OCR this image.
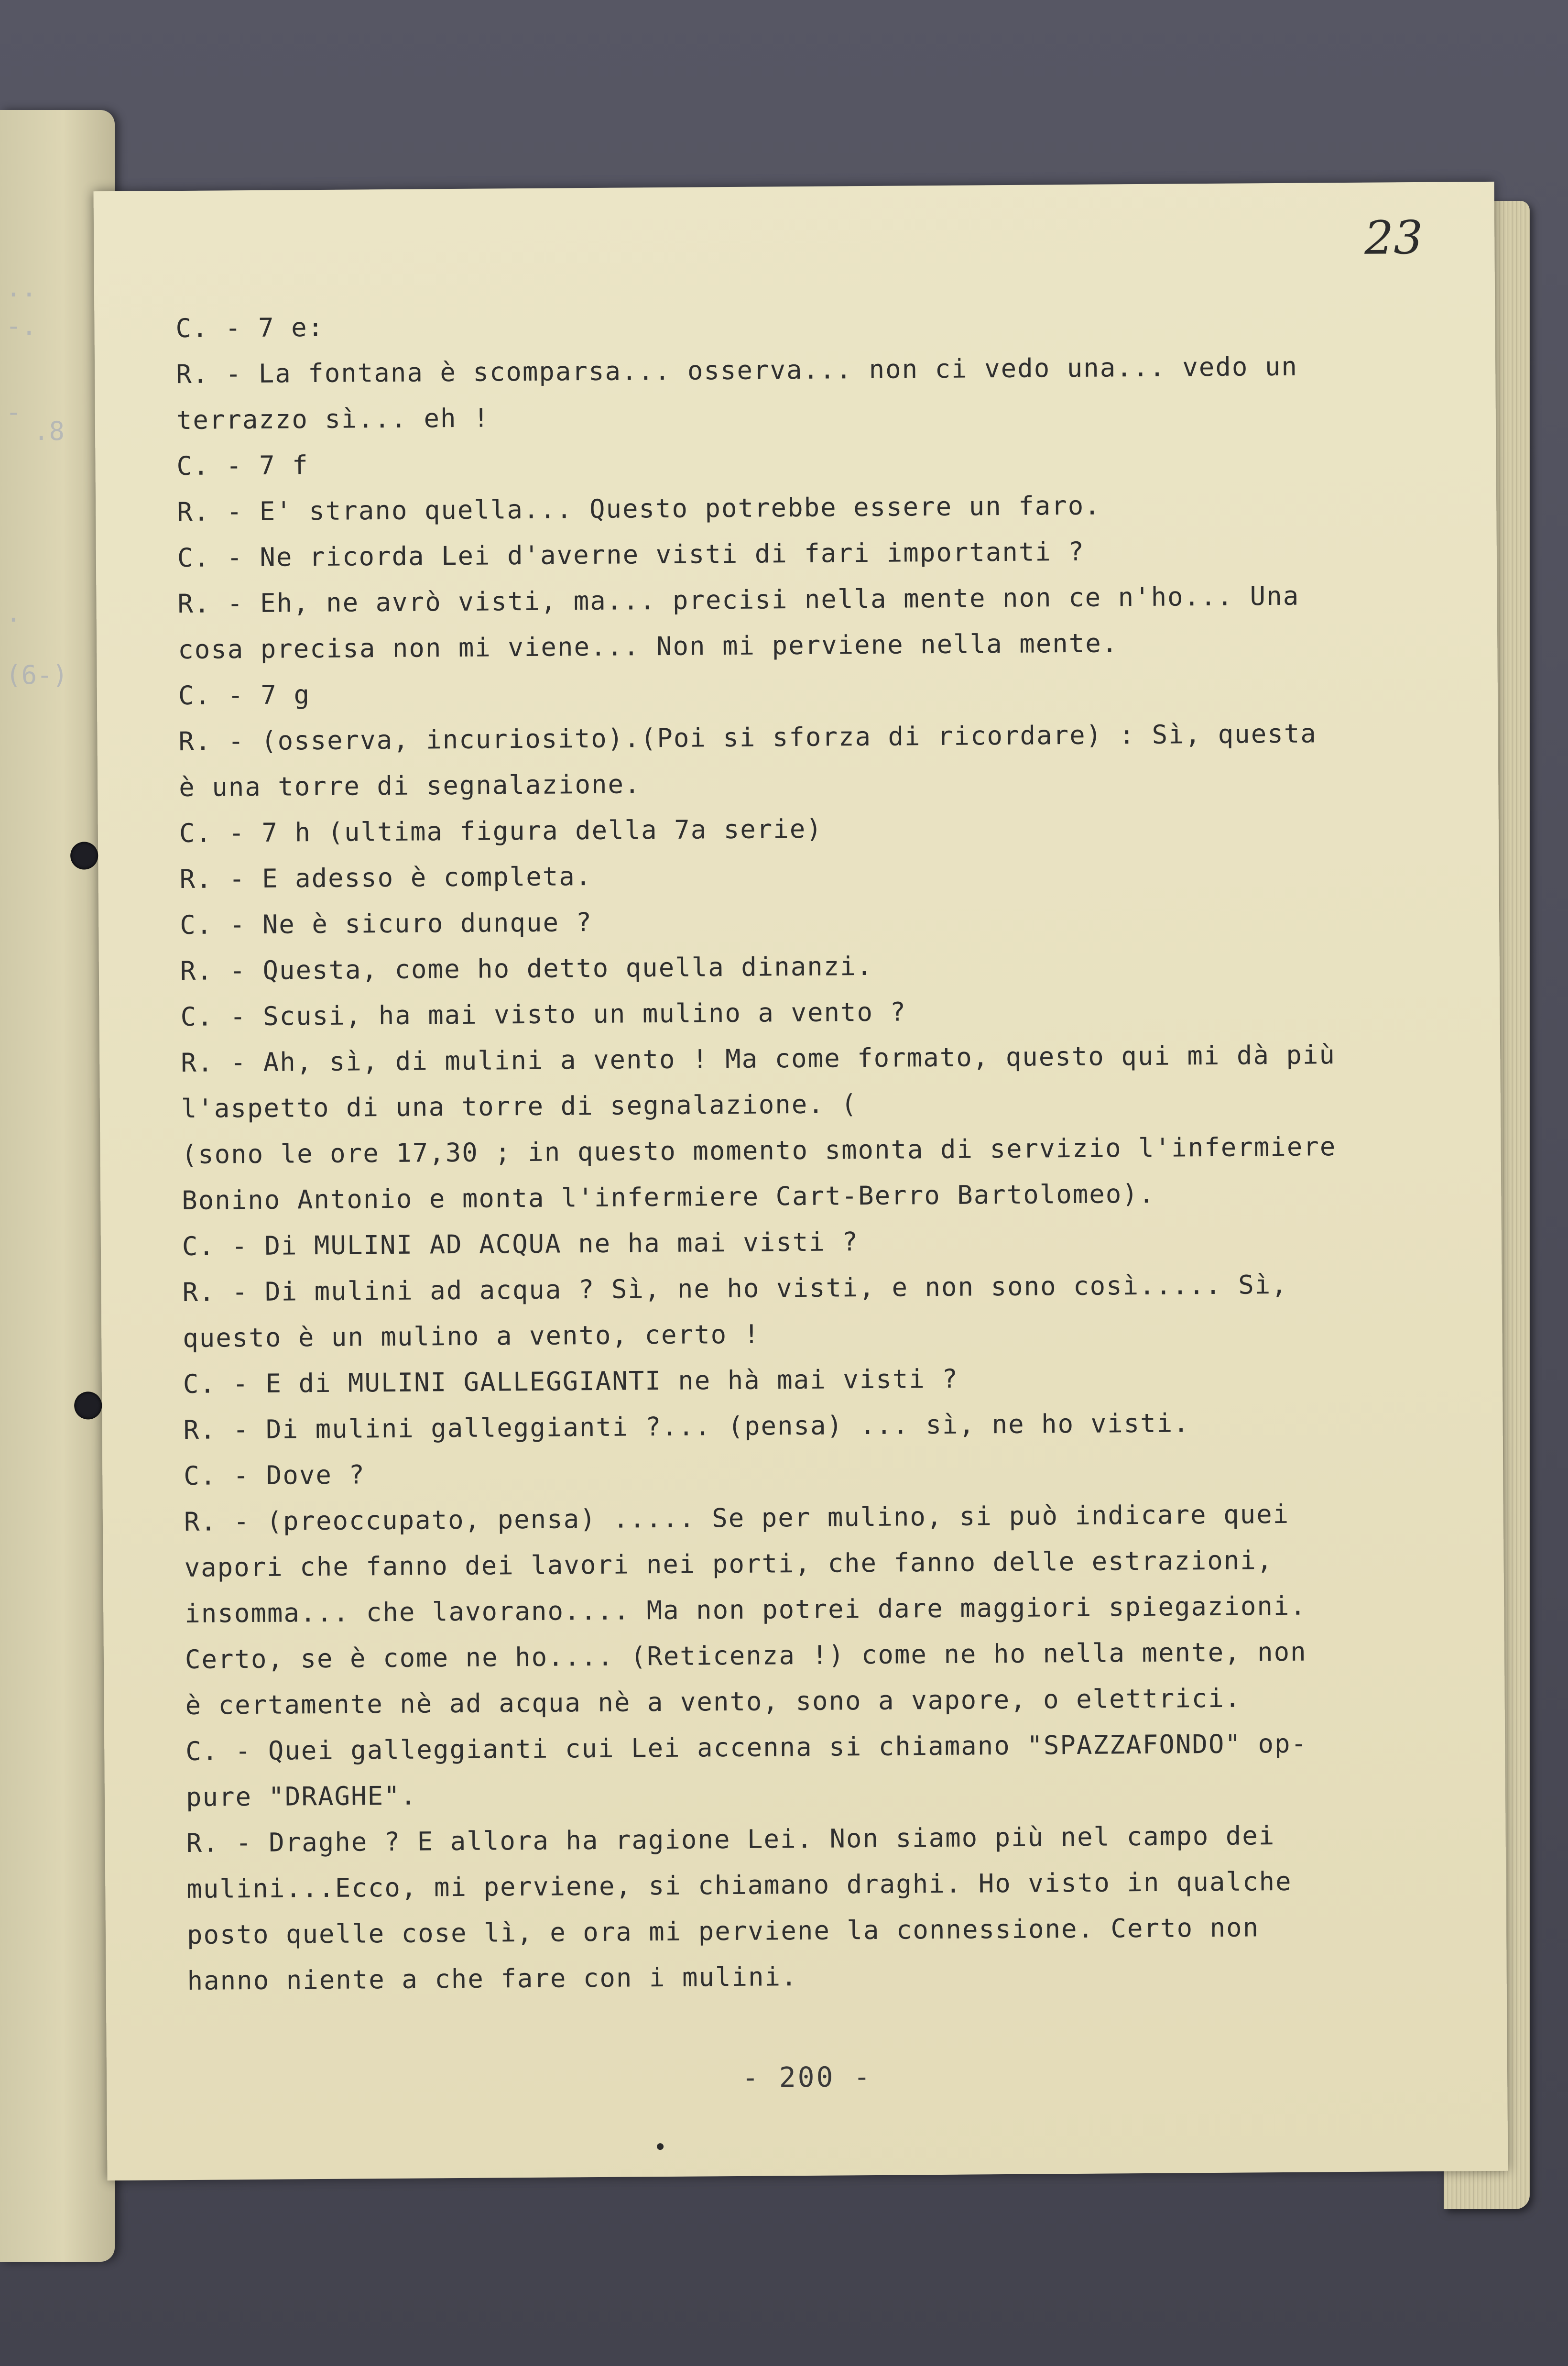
..
-.
-
.8
.
(6-)
23
C. - 7 e:
R. - La fontana è scomparsa... osserva... non ci vedo una... vedo un
terrazzo sì... eh !
C. - 7 f
R. - E' strano quella... Questo potrebbe essere un faro.
C. - Ne ricorda Lei d'averne visti di fari importanti ?
R. - Eh, ne avrò visti, ma... precisi nella mente non ce n'ho... Una
cosa precisa non mi viene... Non mi perviene nella mente.
C. - 7 g
R. - (osserva, incuriosito).(Poi si sforza di ricordare) : Sì, questa
è una torre di segnalazione.
C. - 7 h (ultima figura della 7a serie)
R. - E adesso è completa.
C. - Ne è sicuro dunque ?
R. - Questa, come ho detto quella dinanzi.
C. - Scusi, ha mai visto un mulino a vento ?
R. - Ah, sì, di mulini a vento ! Ma come formato, questo qui mi dà più
l'aspetto di una torre di segnalazione. (
(sono le ore 17,30 ; in questo momento smonta di servizio l'infermiere
Bonino Antonio e monta l'infermiere Cart-Berro Bartolomeo).
C. - Di MULINI AD ACQUA ne ha mai visti ?
R. - Di mulini ad acqua ? Sì, ne ho visti, e non sono così..... Sì,
questo è un mulino a vento, certo !
C. - E di MULINI GALLEGGIANTI ne hà mai visti ?
R. - Di mulini galleggianti ?... (pensa) ... sì, ne ho visti.
C. - Dove ?
R. - (preoccupato, pensa) ..... Se per mulino, si può indicare quei
vapori che fanno dei lavori nei porti, che fanno delle estrazioni,
insomma... che lavorano.... Ma non potrei dare maggiori spiegazioni.
Certo, se è come ne ho.... (Reticenza !) come ne ho nella mente, non
è certamente nè ad acqua nè a vento, sono a vapore, o elettrici.
C. - Quei galleggianti cui Lei accenna si chiamano "SPAZZAFONDO" op-
pure "DRAGHE".
R. - Draghe ? E allora ha ragione Lei. Non siamo più nel campo dei
mulini...Ecco, mi perviene, si chiamano draghi. Ho visto in qualche
posto quelle cose lì, e ora mi perviene la connessione. Certo non
hanno niente a che fare con i mulini.
- 200 -
